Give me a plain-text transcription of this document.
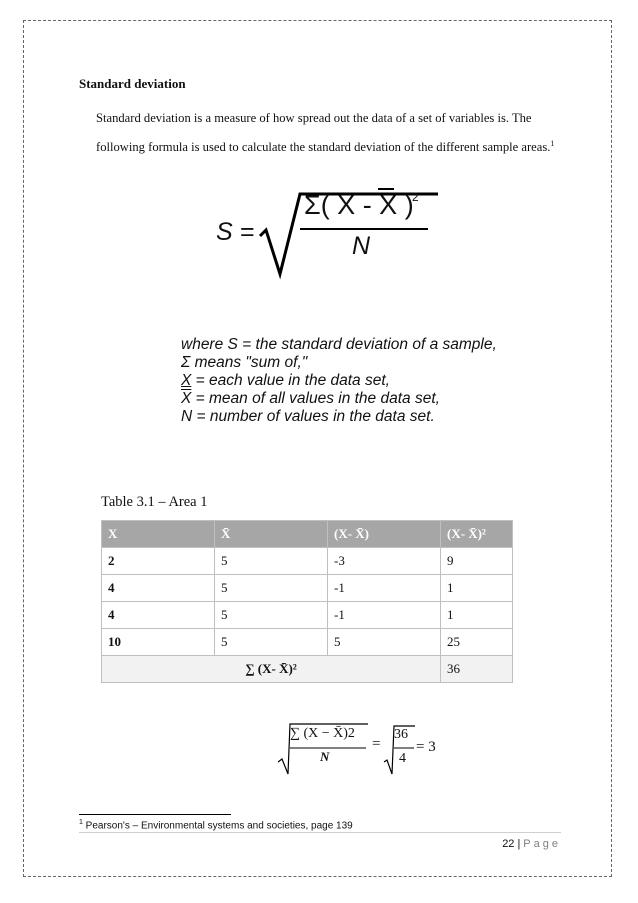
Standard deviation
Standard deviation is a measure of how spread out the data of a set of variables is. The following formula is used to calculate the standard deviation of the different sample areas.$^1$
S =
Σ( X - X )
2
N
where S = the standard deviation of a sample,
Σ means "sum of,"
X = each value in the data set,
$\overline{X}$ = mean of all values in the data set,
N = number of values in the data set.
Table 3.1 – Area 1
X	X̄	(X- X̄)	(X- X̄)²
2	5	-3	9
4	5	-1	1
4	5	-1	1
10	5	5	25
∑ (X- X̄)²			36
∑ (X − X̄)2
N
=
36
4
= 3
$^1$ Pearson's – Environmental systems and societies, page 139
22 | Page
